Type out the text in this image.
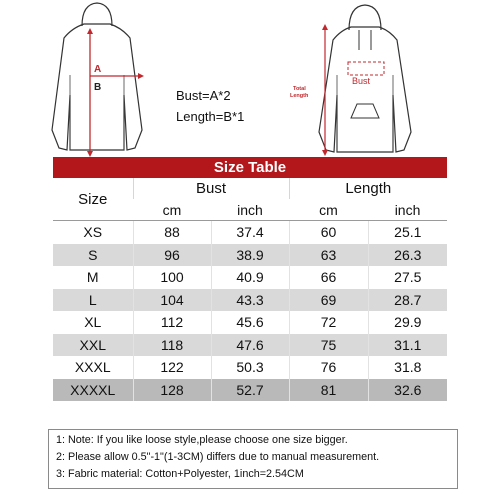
A
B
Bust=A*2
Length=B*1
Bust
Total
Length
Size Table				
Size	Bust		Length	
	cm	inch	cm	inch
XS	88	37.4	60	25.1
S	96	38.9	63	26.3
M	100	40.9	66	27.5
L	104	43.3	69	28.7
XL	112	45.6	72	29.9
XXL	118	47.6	75	31.1
XXXL	122	50.3	76	31.8
XXXXL	128	52.7	81	32.6
1: Note: If you like loose style,please choose one size bigger.
2: Please allow 0.5"-1"(1-3CM) differs due to manual measurement.
3: Fabric material: Cotton+Polyester, 1inch=2.54CM
